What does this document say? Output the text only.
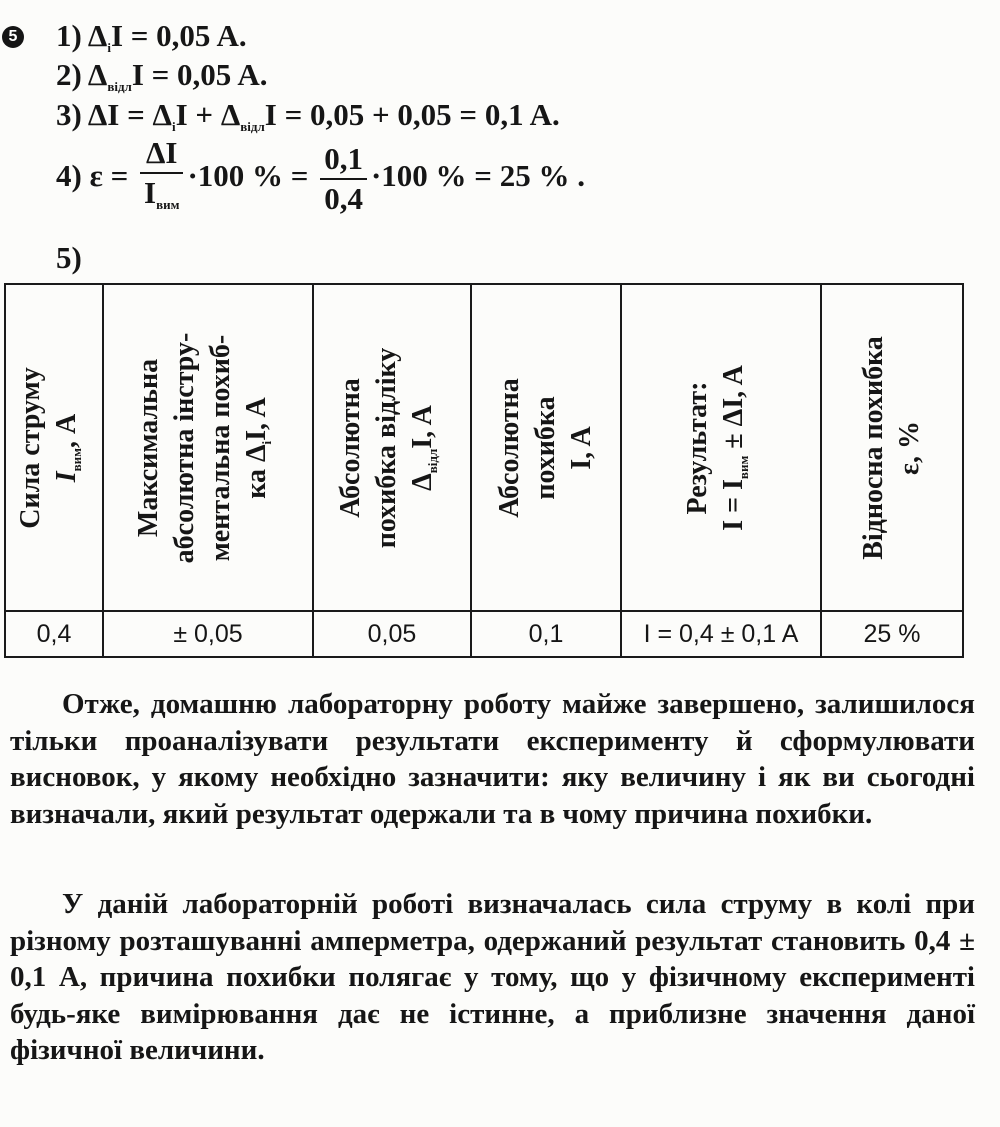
5 1) $\Delta_іI = 0,05$ A.
2) $\Delta_{відл}I = 0,05$ A.
3) $\Delta I = \Delta_іI + \Delta_{відл}I = 0,05 + 0,05 = 0,1$ A.
4) $\varepsilon = \frac{\Delta I}{I_{вим}} \cdot 100$ % = $\frac{0,1}{0,4} \cdot 100$ % = 25 % .
5)
Сила струму $I_{вим}$, A	Максимальна абсолютна інстру- ментальна похиб- ка $\Delta_іI$, A	Абсолютна похибка відліку $\Delta_{відл}I$, A	Абсолютна похибка I, A	Результат: $I = I_{вим} \pm \Delta I$, A	Відносна похибка ε, %

0,4	± 0,05	0,05	0,1	I = 0,4 ± 0,1 A	25 %

Отже, домашню лабораторну роботу майже завершено, залишилося тільки проаналізувати результати експерименту й сформулювати висновок, у якому необхідно зазначити: яку величину і як ви сьогодні визначали, який результат одержали та в чому причина похибки.

У даній лабораторній роботі визначалась сила струму в колі при різному розташуванні амперметра, одержаний результат становить 0,4 ± 0,1 А, причина похибки полягає у тому, що у фізичному експерименті будь-яке вимірювання дає не істинне, а приблизне значення даної фізичної величини.
